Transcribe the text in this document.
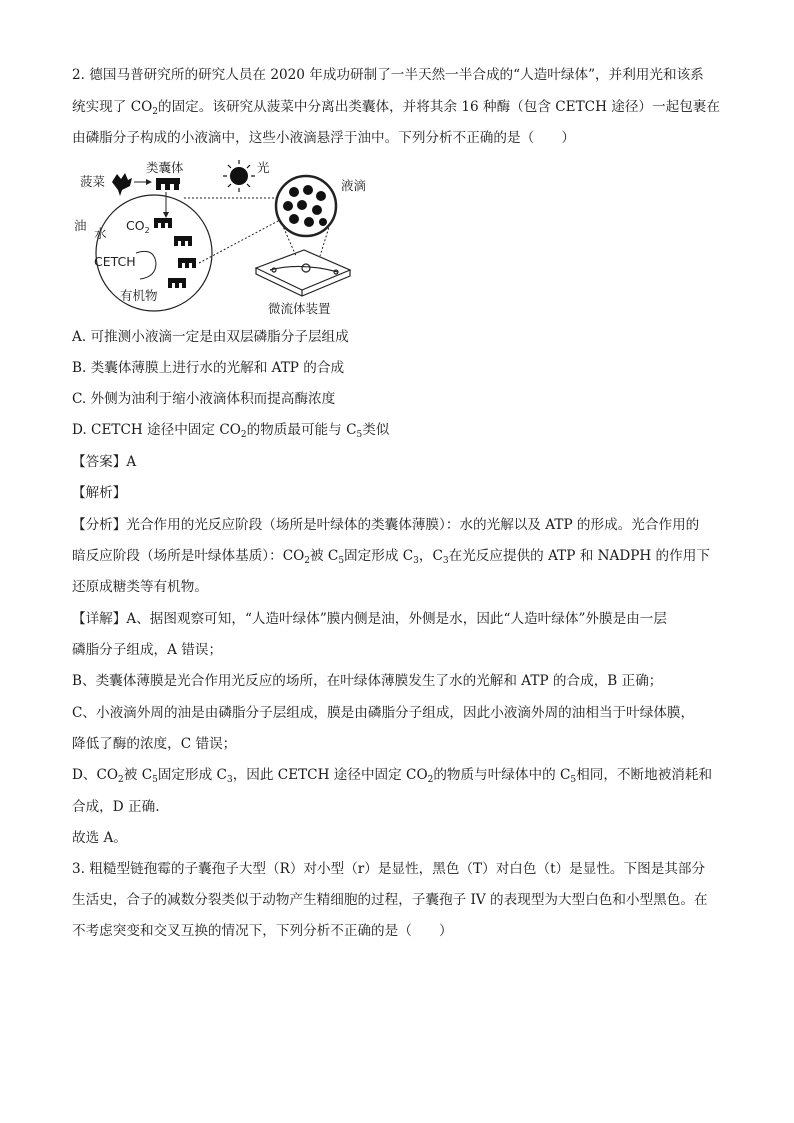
2. 德国马普研究所的研究人员在 2020 年成功研制了一半天然一半合成的“人造叶绿体”，并利用光和该系
统实现了 $CO_2$的固定。该研究从菠菜中分离出类囊体，并将其余 16 种酶（包含 CETCH 途径）一起包裹在
由磷脂分子构成的小液滴中，这些小液滴悬浮于油中。下列分析不正确的是（　　）
菠菜
类囊体	光
液滴
油
水
$CO_2$
CETCH
有机物
微流体装置
A. 可推测小液滴一定是由双层磷脂分子层组成
B. 类囊体薄膜上进行水的光解和 ATP 的合成
C. 外侧为油利于缩小液滴体积而提高酶浓度
D. CETCH 途径中固定 $CO_2$的物质最可能与 $C_5$类似
【答案】A
【解析】
【分析】光合作用的光反应阶段（场所是叶绿体的类囊体薄膜）：水的光解以及 ATP 的形成。光合作用的
暗反应阶段（场所是叶绿体基质）：$CO_2$被 $C_5$固定形成 $C_3$，$C_3$在光反应提供的 ATP 和 NADPH 的作用下
还原成糖类等有机物。
【详解】A、据图观察可知，“人造叶绿体”膜内侧是油，外侧是水，因此“人造叶绿体”外膜是由一层
磷脂分子组成，A 错误；
B、类囊体薄膜是光合作用光反应的场所，在叶绿体薄膜发生了水的光解和 ATP 的合成，B 正确；
C、小液滴外周的油是由磷脂分子层组成，膜是由磷脂分子组成，因此小液滴外周的油相当于叶绿体膜，
降低了酶的浓度，C 错误；
D、$CO_2$被 $C_5$固定形成 $C_3$，因此 CETCH 途径中固定 $CO_2$的物质与叶绿体中的 $C_5$相同，不断地被消耗和
合成，D 正确.
故选 A。
3. 粗糙型链孢霉的子囊孢子大型（R）对小型（r）是显性，黑色（T）对白色（t）是显性。下图是其部分
生活史，合子的减数分裂类似于动物产生精细胞的过程，子囊孢子 IV 的表现型为大型白色和小型黑色。在
不考虑突变和交叉互换的情况下，下列分析不正确的是（　　）
